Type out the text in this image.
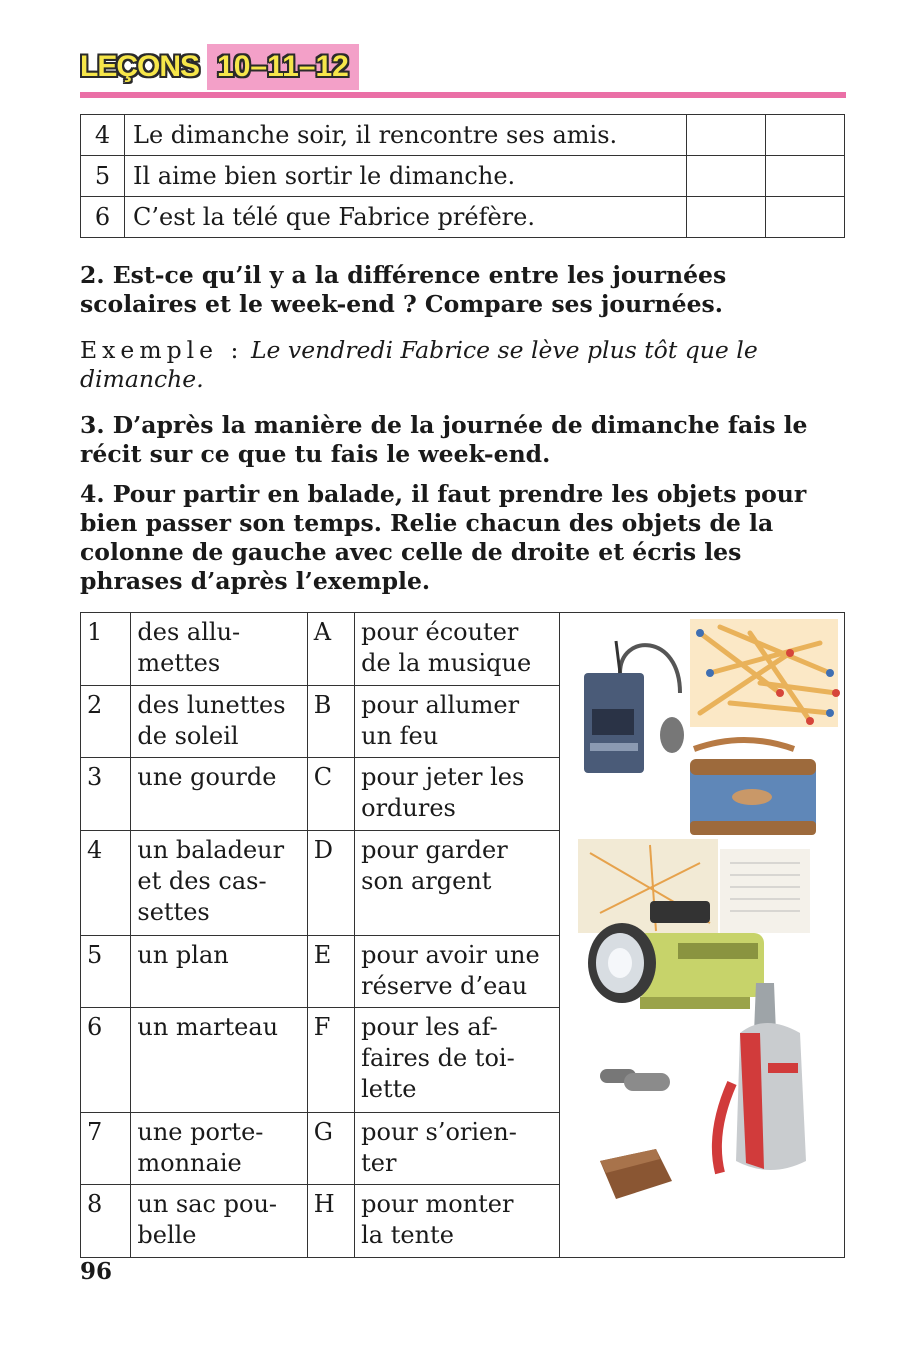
LEÇONS 10–11–12
4	Le dimanche soir, il rencontre ses amis.		
5	Il aime bien sortir le dimanche.		
6	C’est la télé que Fabrice préfère.		
2. Est-ce qu’il y a la différence entre les journées scolaires et le week-end ? Compare ses journées.
Exemple : Le vendredi Fabrice se lève plus tôt que le dimanche.
3. D’après la manière de la journée de dimanche fais le récit sur ce que tu fais le week-end.
4. Pour partir en balade, il faut prendre les objets pour bien passer son temps. Relie chacun des objets de la colonne de gauche avec celle de droite et écris les phrases d’après l’exemple.
1	des allu-
mettes	A	pour écouter
de la musique	
2	des lunettes
de soleil	B	pour allumer
un feu	
3	une gourde	C	pour jeter les
ordures	
4	un baladeur
et des cas-
settes	D	pour garder
son argent	
5	un plan	E	pour avoir une
réserve d’eau	
6	un marteau	F	pour les af-
faires de toi-
lette	
7	une porte-
monnaie	G	pour s’orien-
ter	
8	un sac pou-
belle	H	pour monter
la tente	
96
